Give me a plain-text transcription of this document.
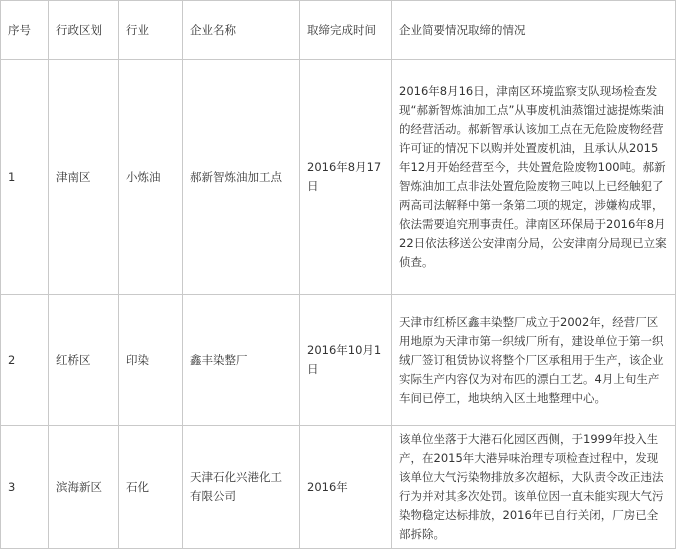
序号	行政区划	行业	企业名称	取缔完成时间	企业简要情况取缔的情况
1	津南区	小炼油	郝新智炼油加工点	2016年8月17日	2016年8月16日，津南区环境监察支队现场检查发现“郝新智炼油加工点”从事废机油蒸馏过滤提炼柴油的经营活动。郝新智承认该加工点在无危险废物经营许可证的情况下以购并处置废机油，且承认从2015年12月开始经营至今，共处置危险废物100吨。郝新智炼油加工点非法处置危险废物三吨以上已经触犯了两高司法解释中第一条第二项的规定，涉嫌构成罪，依法需要追究刑事责任。津南区环保局于2016年8月22日依法移送公安津南分局，公安津南分局现已立案侦查。
2	红桥区	印染	鑫丰染整厂	2016年10月1日	天津市红桥区鑫丰染整厂成立于2002年，经营厂区用地原为天津市第一织绒厂所有，建设单位于第一织绒厂签订租赁协议将整个厂区承租用于生产，该企业实际生产内容仅为对布匹的漂白工艺。4月上旬生产车间已停工，地块纳入区土地整理中心。
3	滨海新区	石化	天津石化兴港化工有限公司	2016年	该单位坐落于大港石化园区西侧，于1999年投入生产，在2015年大港异味治理专项检查过程中，发现该单位大气污染物排放多次超标，大队责令改正违法行为并对其多次处罚。该单位因一直未能实现大气污染物稳定达标排放，2016年已自行关闭，厂房已全部拆除。
